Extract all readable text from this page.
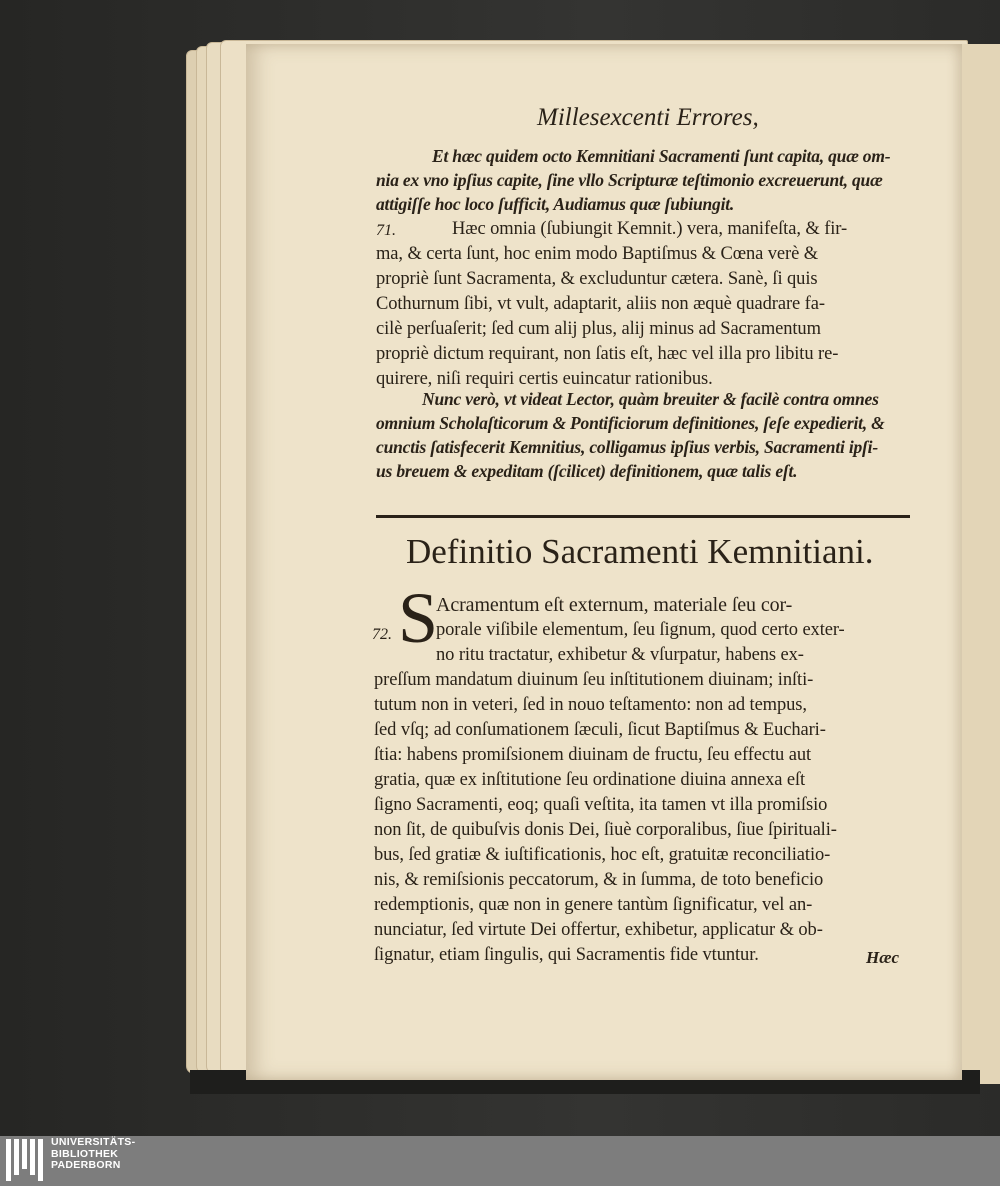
Millesexcenti Errores,
Et hæc quidem octo Kemnitiani Sacramenti ſunt capita, quæ om-
nia ex vno ipſius capite, ſine vllo Scripturæ teſtimonio excreuerunt, quæ
attigiſſe hoc loco ſufficit, Audiamus quæ ſubiungit.
71.	Hæc omnia (ſubiungit Kemnit.) vera, manifeſta, & fir-
ma, & certa ſunt, hoc enim modo Baptiſmus & Cœna verè &
propriè ſunt Sacramenta, & excluduntur cætera. Sanè, ſi quis
Cothurnum ſibi, vt vult, adaptarit, aliis non æquè quadrare fa-
cilè perſuaſerit; ſed cum alij plus, alij minus ad Sacramentum
propriè dictum requirant, non ſatis eſt, hæc vel illa pro libitu re-
quirere, niſi requiri certis euincatur rationibus.
Nunc verò, vt videat Lector, quàm breuiter & facilè contra omnes
omnium Scholaſticorum & Pontificiorum definitiones, ſeſe expedierit, &
cunctis ſatisfecerit Kemnitius, colligamus ipſius verbis, Sacramenti ipſi-
us breuem & expeditam (ſcilicet) definitionem, quæ talis eſt.
Definitio Sacramenti Kemnitiani.
S
72.
Acramentum eſt externum, materiale ſeu cor-
porale viſibile elementum, ſeu ſignum, quod certo exter-
no ritu tractatur, exhibetur & vſurpatur, habens ex-
preſſum mandatum diuinum ſeu inſtitutionem diuinam; inſti-
tutum non in veteri, ſed in nouo teſtamento: non ad tempus,
ſed vſq; ad conſumationem ſæculi, ſicut Baptiſmus & Euchari-
ſtia: habens promiſsionem diuinam de fructu, ſeu effectu aut
gratia, quæ ex inſtitutione ſeu ordinatione diuina annexa eſt
ſigno Sacramenti, eoq; quaſi veſtita, ita tamen vt illa promiſsio
non ſit, de quibuſvis donis Dei, ſiuè corporalibus, ſiue ſpirituali-
bus, ſed gratiæ & iuſtificationis, hoc eſt, gratuitæ reconciliatio-
nis, & remiſsionis peccatorum, & in ſumma, de toto beneficio
redemptionis, quæ non in genere tantùm ſignificatur, vel an-
nunciatur, ſed virtute Dei offertur, exhibetur, applicatur & ob-
ſignatur, etiam ſingulis, qui Sacramentis fide vtuntur.	Hæc
UNIVERSITÄTS-
BIBLIOTHEK
PADERBORN
